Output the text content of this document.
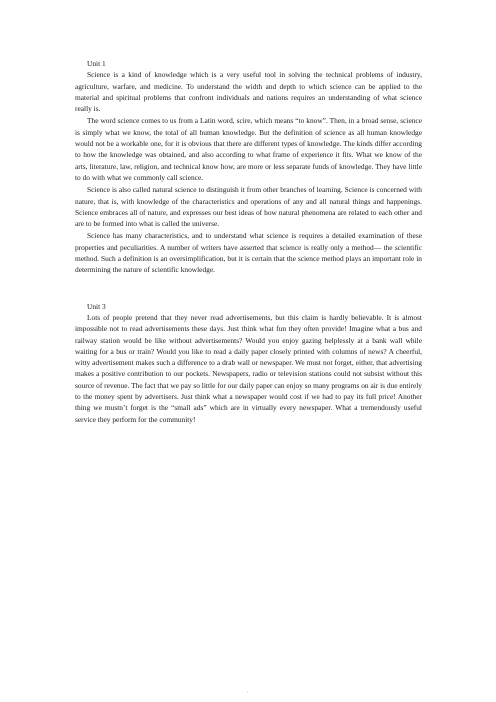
·····
Unit 1

Science is a kind of knowledge which is a very useful tool in solving the technical problems of industry, agriculture, warfare, and medicine. To understand the width and depth to which science can be applied to the material and spiritual problems that confront individuals and nations requires an understanding of what science really is.

The word science comes to us from a Latin word, scire, which means “to know”. Then, in a broad sense, science is simply what we know, the total of all human knowledge. But the definition of science as all human knowledge would not be a workable one, for it is obvious that there are different types of knowledge. The kinds differ according to how the knowledge was obtained, and also according to what frame of experience it fits. What we know of the arts, literature, law, religion, and technical know how, are more or less separate funds of knowledge. They have little to do with what we commonly call science.

Science is also called natural science to distinguish it from other branches of learning. Science is concerned with nature, that is, with knowledge of the characteristics and operations of any and all natural things and happenings. Science embraces all of nature, and expresses our best ideas of how natural phenomena are related to each other and are to be formed into what is called the universe.

Science has many characteristics, and to understand what science is requires a detailed examination of these properties and peculiarities. A number of writers have asserted that science is really only a method— the scientific method. Such a definition is an oversimplification, but it is certain that the science method plays an important role in determining the nature of scientific knowledge.

Unit 3

Lots of people pretend that they never read advertisements, but this claim is hardly believable. It is almost impossible not to read advertisements these days. Just think what fun they often provide! Imagine what a bus and railway station would be like without advertisements? Would you enjoy gazing helplessly at a bank wall while waiting for a bus or train? Would you like to read a daily paper closely printed with columns of news? A cheerful, witty advertisement makes such a difference to a drab wall or newspaper. We must not forget, either, that advertising makes a positive contribution to our pockets. Newspapers, radio or television stations could not subsist without this source of revenue. The fact that we pay so little for our daily paper can enjoy so many programs on air is due entirely to the money spent by advertisers. Just think what a newspaper would cost if we had to pay its full price! Another thing we mustn’t forget is the “small ads” which are in virtually every newspaper. What a tremendously useful service they perform for the community!

· 1 ·
